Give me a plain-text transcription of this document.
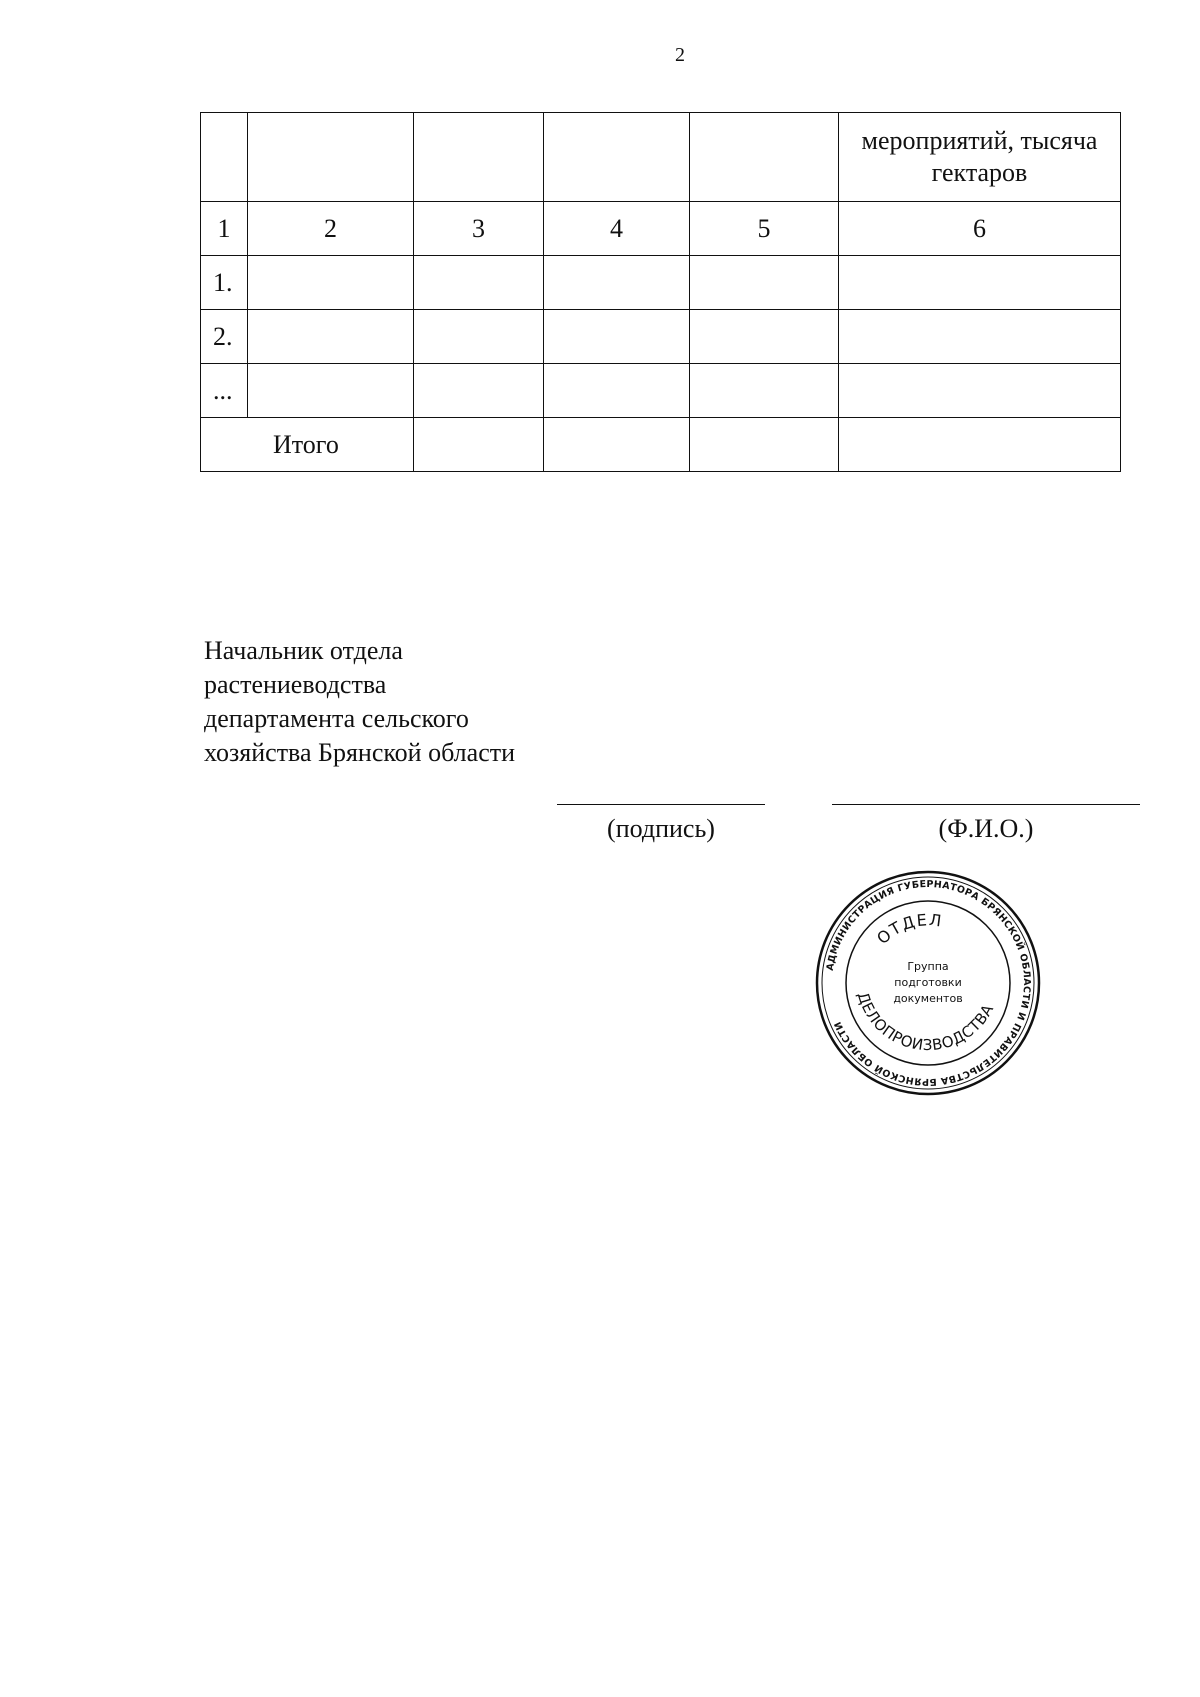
2

					мероприятий, тысяча
гектаров

1	2	3	4	5	6
1.					
2.					
...					
Итого					
Начальник отдела
растениеводства
департамента сельского
хозяйства Брянской области
(подпись)	(Ф.И.О.)
АДМИНИСТРАЦИЯ ГУБЕРНАТОРА БРЯНСКОЙ ОБЛАСТИ И ПРАВИТЕЛЬСТВА БРЯНСКОЙ ОБЛАСТИ
ОТДЕЛ
ДЕЛОПРОИЗВОДСТВА
Группа
подготовки
документов
